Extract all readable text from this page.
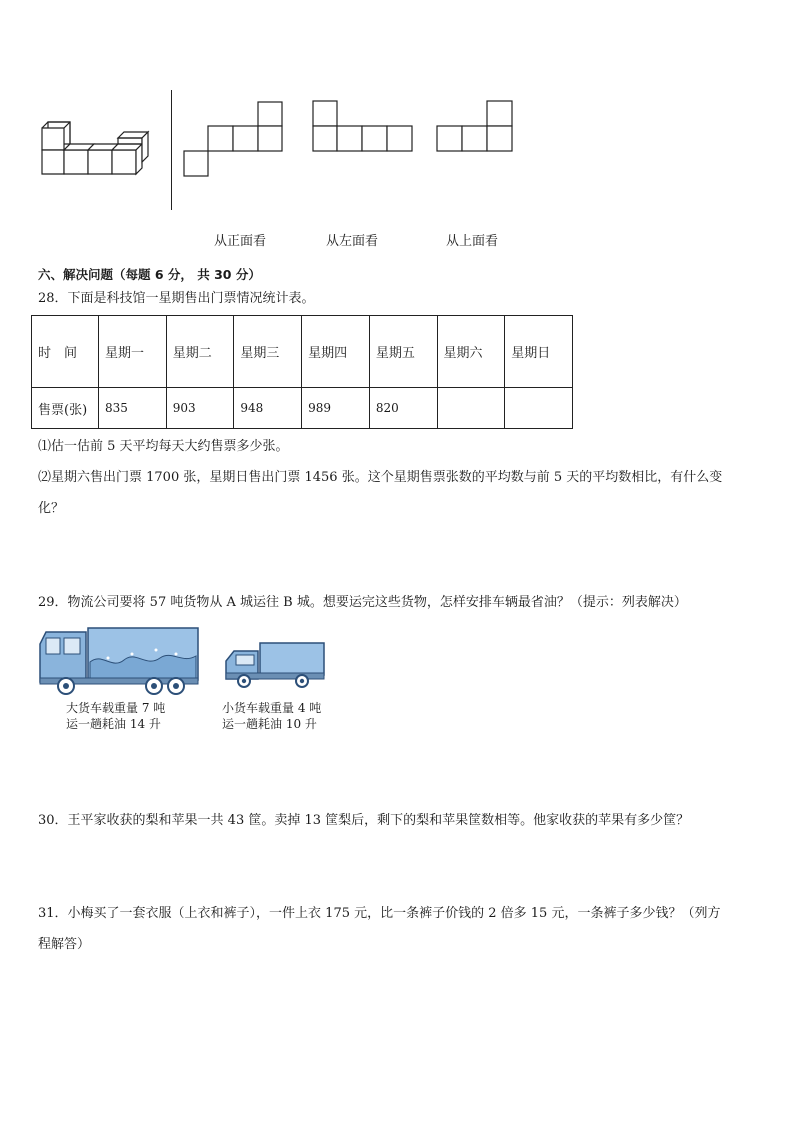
从正面看	从左面看	从上面看
六、解决问题（每题 6 分， 共 30 分）
28．下面是科技馆一星期售出门票情况统计表。
时　间	星期一	星期二	星期三	星期四	星期五	星期六	星期日
售票(张)	835	903	948	989	820		
⑴估一估前 5 天平均每天大约售票多少张。
⑵星期六售出门票 1700 张，星期日售出门票 1456 张。这个星期售票张数的平均数与前 5 天的平均数相比，有什么变
化？
29．物流公司要将 57 吨货物从 A 城运往 B 城。想要运完这些货物，怎样安排车辆最省油？（提示：列表解决）
大货车载重量 7 吨
运一趟耗油 14 升
小货车载重量 4 吨
运一趟耗油 10 升
30．王平家收获的梨和苹果一共 43 筐。卖掉 13 筐梨后，剩下的梨和苹果筐数相等。他家收获的苹果有多少筐？
31．小梅买了一套衣服（上衣和裤子），一件上衣 175 元，比一条裤子价钱的 2 倍多 15 元，一条裤子多少钱？（列方
程解答）
